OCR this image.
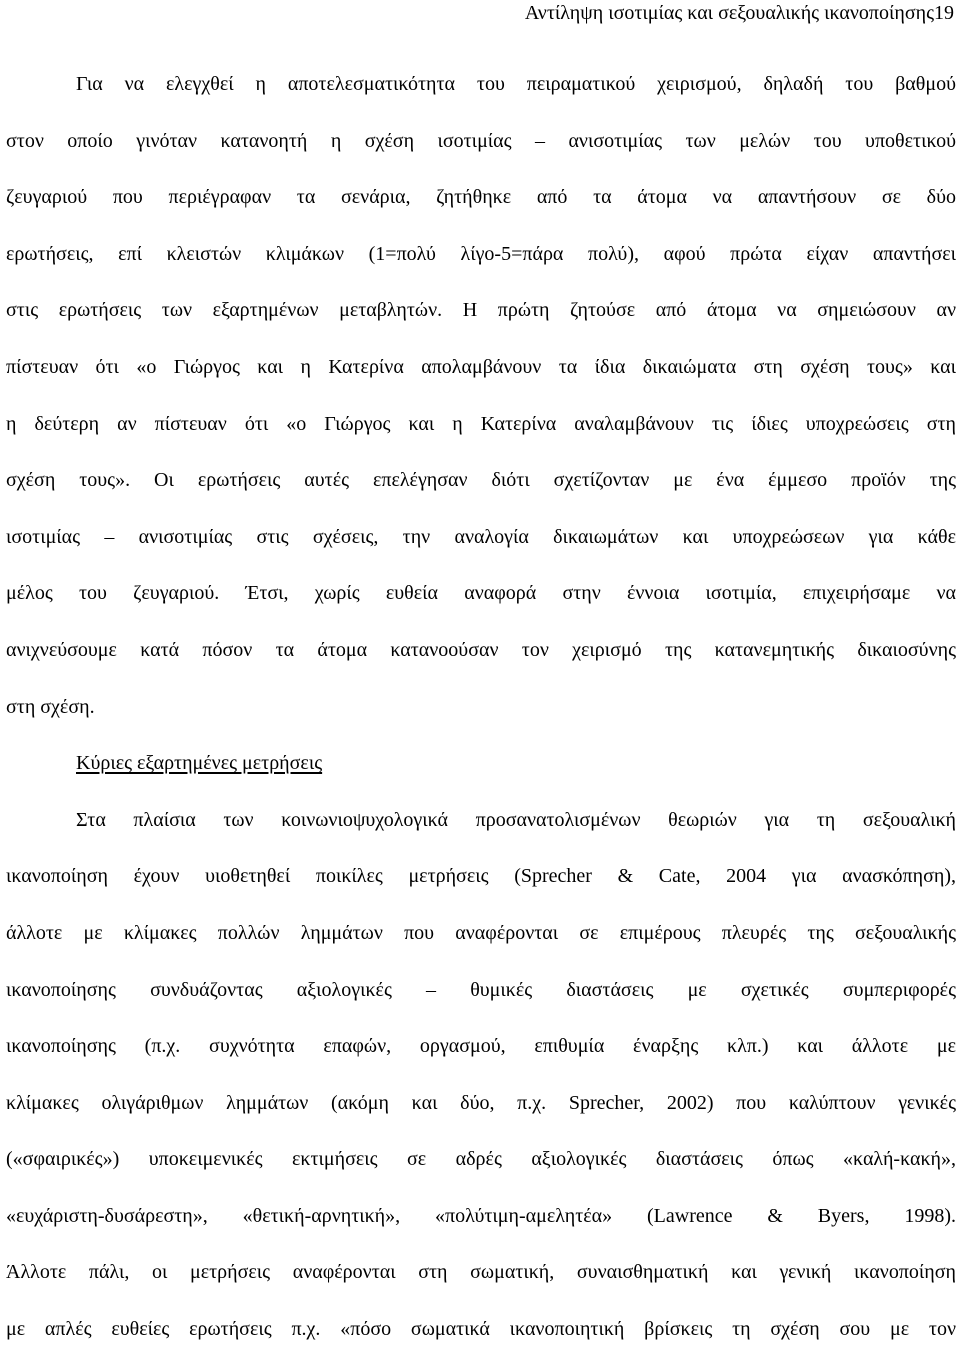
Αντίληψη ισοτιμίας και σεξουαλικής ικανοποίησης19
Για να ελεγχθεί η αποτελεσματικότητα του πειραματικού χειρισμού, δηλαδή του βαθμού
στον οποίο γινόταν κατανοητή η σχέση ισοτιμίας – ανισοτιμίας των μελών του υποθετικού
ζευγαριού που περιέγραφαν τα σενάρια, ζητήθηκε από τα άτομα να απαντήσουν σε δύο
ερωτήσεις, επί κλειστών κλιμάκων (1=πολύ λίγο-5=πάρα πολύ), αφού πρώτα είχαν απαντήσει
στις ερωτήσεις των εξαρτημένων μεταβλητών. Η πρώτη ζητούσε από άτομα να σημειώσουν αν
πίστευαν ότι «ο Γιώργος και η Κατερίνα απολαμβάνουν τα ίδια δικαιώματα στη σχέση τους» και
η δεύτερη αν πίστευαν ότι «ο Γιώργος και η Κατερίνα αναλαμβάνουν τις ίδιες υποχρεώσεις στη
σχέση τους». Οι ερωτήσεις αυτές επελέγησαν διότι σχετίζονταν με ένα έμμεσο προϊόν της
ισοτιμίας – ανισοτιμίας στις σχέσεις, την αναλογία δικαιωμάτων και υποχρεώσεων για κάθε
μέλος του ζευγαριού. Έτσι, χωρίς ευθεία αναφορά στην έννοια ισοτιμία, επιχειρήσαμε να
ανιχνεύσουμε κατά πόσον τα άτομα κατανοούσαν τον χειρισμό της κατανεμητικής δικαιοσύνης
στη σχέση.
Κύριες εξαρτημένες μετρήσεις
Στα πλαίσια των κοινωνιοψυχολογικά προσανατολισμένων θεωριών για τη σεξουαλική
ικανοποίηση έχουν υιοθετηθεί ποικίλες μετρήσεις (Sprecher & Cate, 2004 για ανασκόπηση),
άλλοτε με κλίμακες πολλών λημμάτων που αναφέρονται σε επιμέρους πλευρές της σεξουαλικής
ικανοποίησης συνδυάζοντας αξιολογικές – θυμικές διαστάσεις με σχετικές συμπεριφορές
ικανοποίησης (π.χ. συχνότητα επαφών, οργασμού, επιθυμία έναρξης κλπ.) και άλλοτε με
κλίμακες ολιγάριθμων λημμάτων (ακόμη και δύο, π.χ. Sprecher, 2002) που καλύπτουν γενικές
(«σφαιρικές») υποκειμενικές εκτιμήσεις σε αδρές αξιολογικές διαστάσεις όπως «καλή-κακή»,
«ευχάριστη-δυσάρεστη», «θετική-αρνητική», «πολύτιμη-αμελητέα» (Lawrence & Byers, 1998).
Άλλοτε πάλι, οι μετρήσεις αναφέρονται στη σωματική, συναισθηματική και γενική ικανοποίηση
με απλές ευθείες ερωτήσεις π.χ. «πόσο σωματικά ικανοποιητική βρίσκεις τη σχέση σου με τον
